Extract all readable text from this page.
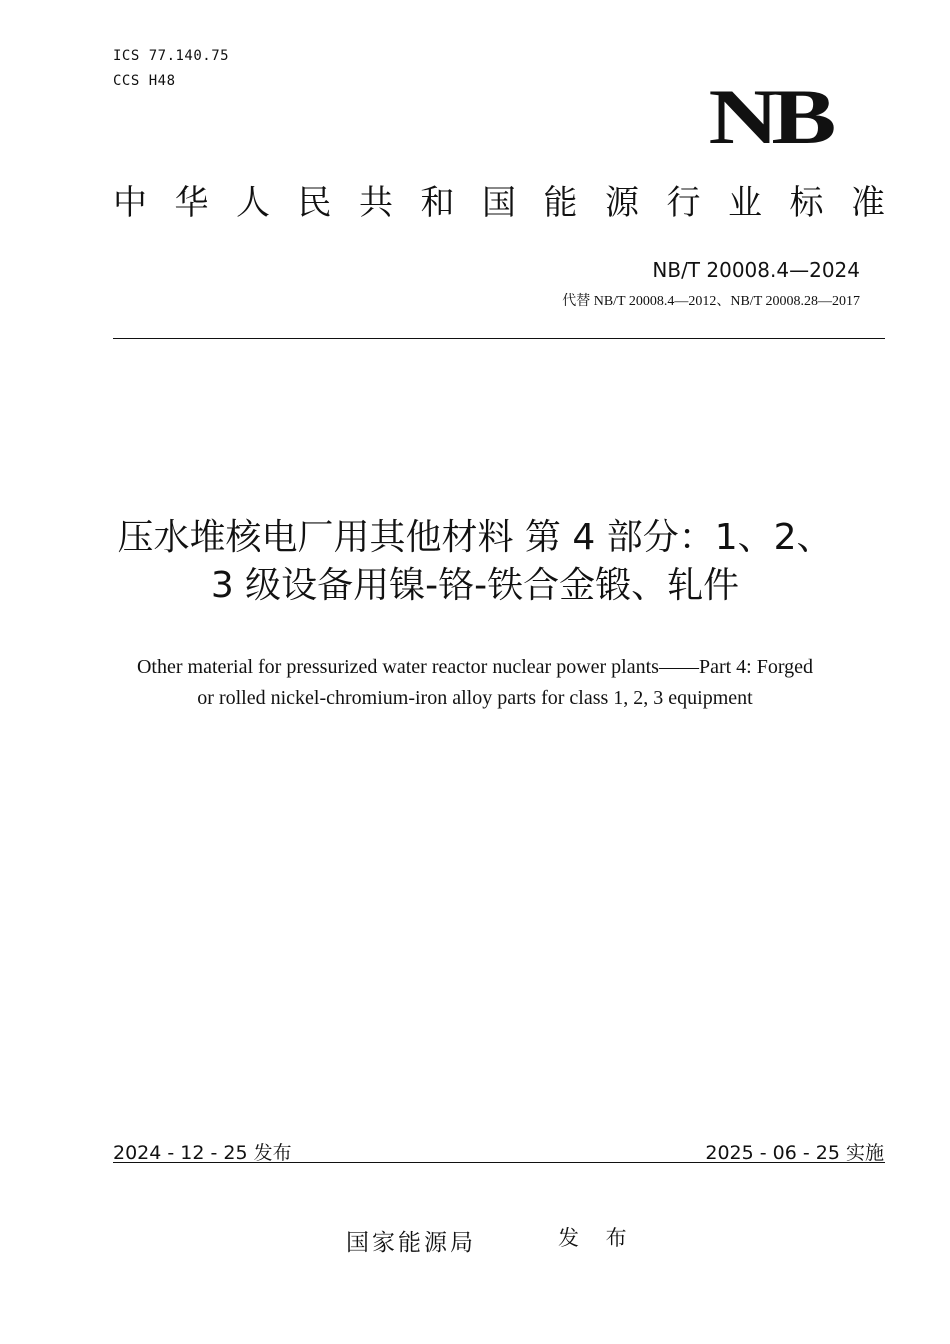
ICS 77.140.75
CCS H48	NB
中 华 人 民 共 和 国 能 源 行 业 标 准
NB/T 20008.4—2024
代替 NB/T 20008.4—2012、NB/T 20008.28—2017
压水堆核电厂用其他材料 第 4 部分：1、2、
3 级设备用镍-铬-铁合金锻、轧件
Other material for pressurized water reactor nuclear power plants——Part 4: Forged
or rolled nickel-chromium-iron alloy parts for class 1, 2, 3 equipment
2024 - 12 - 25 发布	2025 - 06 - 25 实施
国家能源局	发 布
